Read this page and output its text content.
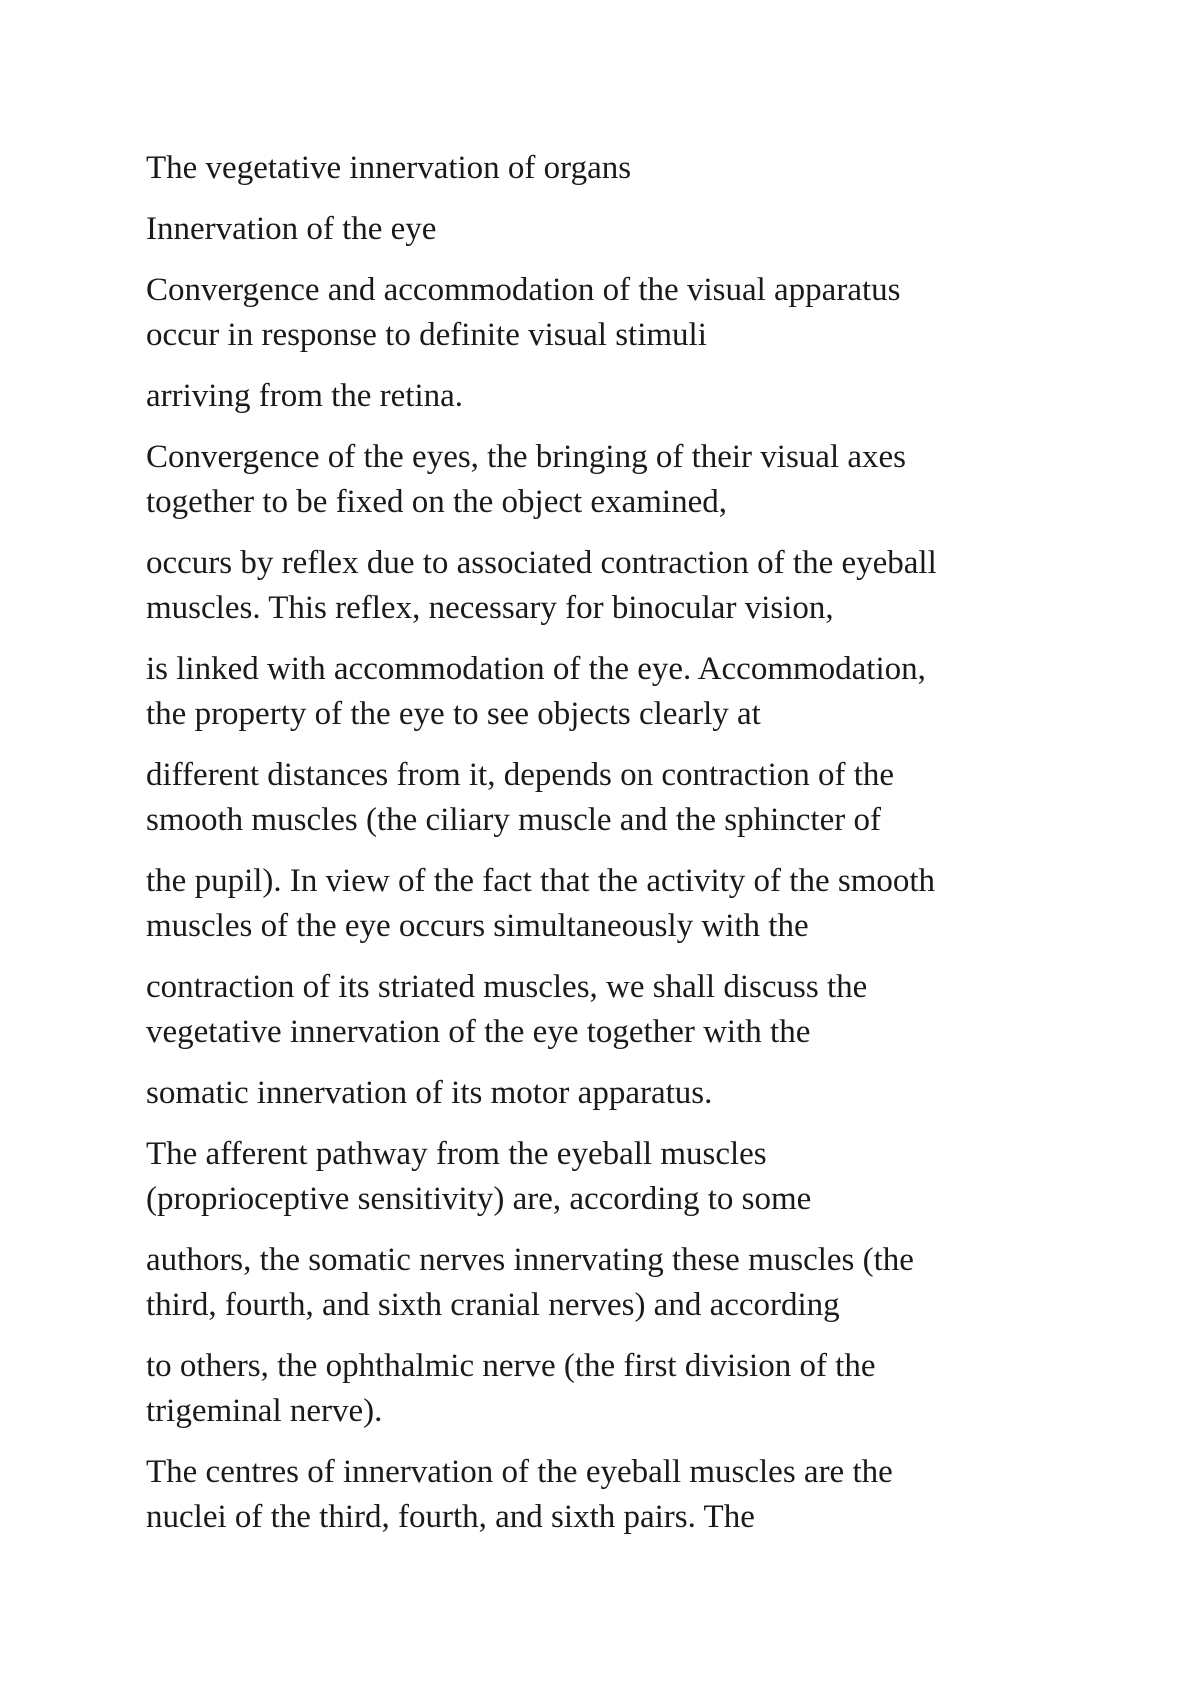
The vegetative innervation of organs

Innervation of the eye

Convergence and accommodation of the visual apparatus
occur in response to definite visual stimuli

arriving from the retina.

Convergence of the eyes, the bringing of their visual axes
together to be fixed on the object examined,

occurs by reflex due to associated contraction of the eyeball
muscles. This reflex, necessary for binocular vision,

is linked with accommodation of the eye. Accommodation,
the property of the eye to see objects clearly at

different distances from it, depends on contraction of the
smooth muscles (the ciliary muscle and the sphincter of

the pupil). In view of the fact that the activity of the smooth
muscles of the eye occurs simultaneously with the

contraction of its striated muscles, we shall discuss the
vegetative innervation of the eye together with the

somatic innervation of its motor apparatus.

The afferent pathway from the eyeball muscles
(proprioceptive sensitivity) are, according to some

authors, the somatic nerves innervating these muscles (the
third, fourth, and sixth cranial nerves) and according

to others, the ophthalmic nerve (the first division of the
trigeminal nerve).

The centres of innervation of the eyeball muscles are the
nuclei of the third, fourth, and sixth pairs. The
